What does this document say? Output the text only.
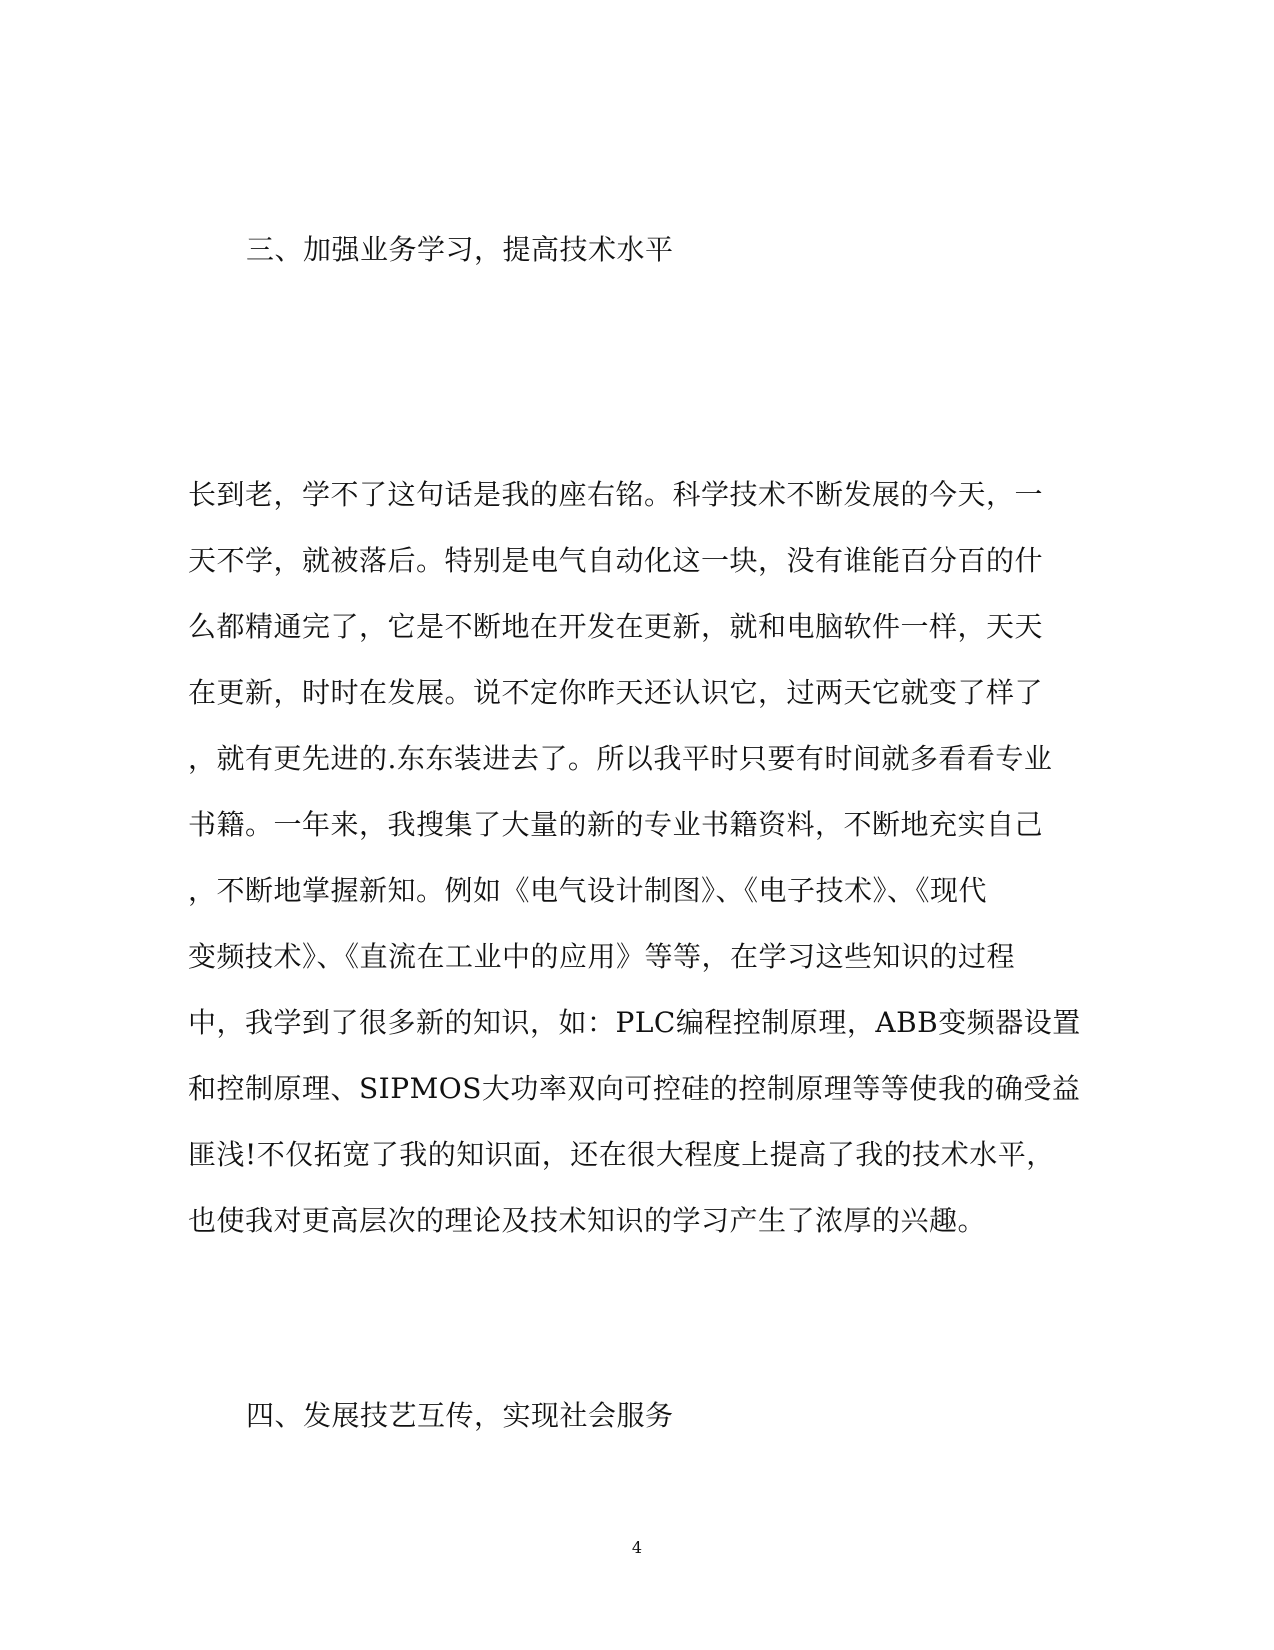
三、加强业务学习，提高技术水平
长到老，学不了这句话是我的座右铭。科学技术不断发展的今天，一
天不学，就被落后。特别是电气自动化这一块，没有谁能百分百的什
么都精通完了，它是不断地在开发在更新，就和电脑软件一样，天天
在更新，时时在发展。说不定你昨天还认识它，过两天它就变了样了
，就有更先进的.东东装进去了。所以我平时只要有时间就多看看专业
书籍。一年来，我搜集了大量的新的专业书籍资料，不断地充实自己
，不断地掌握新知。例如《电气设计制图》、《电子技术》、《现代
变频技术》、《直流在工业中的应用》等等，在学习这些知识的过程
中，我学到了很多新的知识，如：PLC编程控制原理，ABB变频器设置
和控制原理、SIPMOS大功率双向可控硅的控制原理等等使我的确受益
匪浅!不仅拓宽了我的知识面，还在很大程度上提高了我的技术水平，
也使我对更高层次的理论及技术知识的学习产生了浓厚的兴趣。
四、发展技艺互传，实现社会服务
4
